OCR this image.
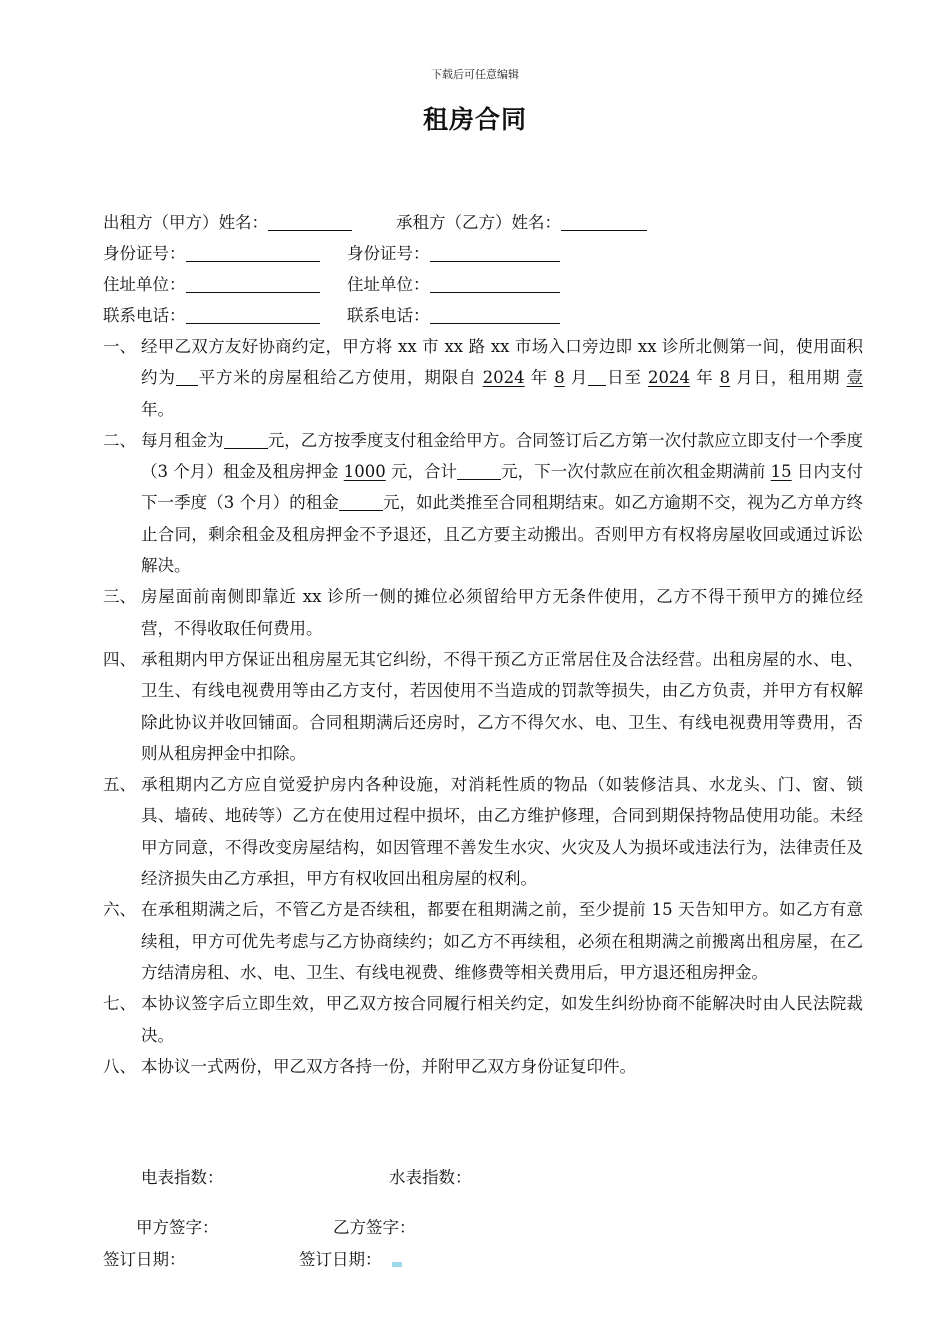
下载后可任意编辑
租房合同
出租方（甲方）姓名：	承租方（乙方）姓名：
身份证号：	身份证号：
住址单位：	住址单位：
联系电话：	联系电话：

一、 经甲乙双方友好协商约定，甲方将 xx 市 xx 路 xx 市场入口旁边即 xx 诊所北侧第一间，使用面积约为 平方米的房屋租给乙方使用，期限自 2024 年 8 月 日至 2024 年 8 月日，租用期 壹 年。

二、 每月租金为	元，乙方按季度支付租金给甲方。合同签订后乙方第一次付款应立即支付一个季度（3 个月）租金及租房押金 1000 元，合计	元，下一次付款应在前次租金期满前 15 日内支付下一季度（3 个月）的租金	元，如此类推至合同租期结束。如乙方逾期不交，视为乙方单方终止合同，剩余租金及租房押金不予退还，且乙方要主动搬出。否则甲方有权将房屋收回或通过诉讼解决。

三、 房屋面前南侧即靠近 xx 诊所一侧的摊位必须留给甲方无条件使用，乙方不得干预甲方的摊位经营，不得收取任何费用。

四、 承租期内甲方保证出租房屋无其它纠纷，不得干预乙方正常居住及合法经营。出租房屋的水、电、卫生、有线电视费用等由乙方支付，若因使用不当造成的罚款等损失，由乙方负责，并甲方有权解除此协议并收回铺面。合同租期满后还房时，乙方不得欠水、电、卫生、有线电视费用等费用，否则从租房押金中扣除。

五、 承租期内乙方应自觉爱护房内各种设施，对消耗性质的物品（如装修洁具、水龙头、门、窗、锁具、墙砖、地砖等）乙方在使用过程中损坏，由乙方维护修理，合同到期保持物品使用功能。未经甲方同意，不得改变房屋结构，如因管理不善发生水灾、火灾及人为损坏或违法行为，法律责任及经济损失由乙方承担，甲方有权收回出租房屋的权利。

六、 在承租期满之后，不管乙方是否续租，都要在租期满之前，至少提前 15 天告知甲方。如乙方有意续租，甲方可优先考虑与乙方协商续约；如乙方不再续租，必须在租期满之前搬离出租房屋，在乙方结清房租、水、电、卫生、有线电视费、维修费等相关费用后，甲方退还租房押金。

七、 本协议签字后立即生效，甲乙双方按合同履行相关约定，如发生纠纷协商不能解决时由人民法院裁决。

八、 本协议一式两份，甲乙双方各持一份，并附甲乙双方身份证复印件。

电表指数：	水表指数：
甲方签字：	乙方签字：
签订日期：	签订日期：
